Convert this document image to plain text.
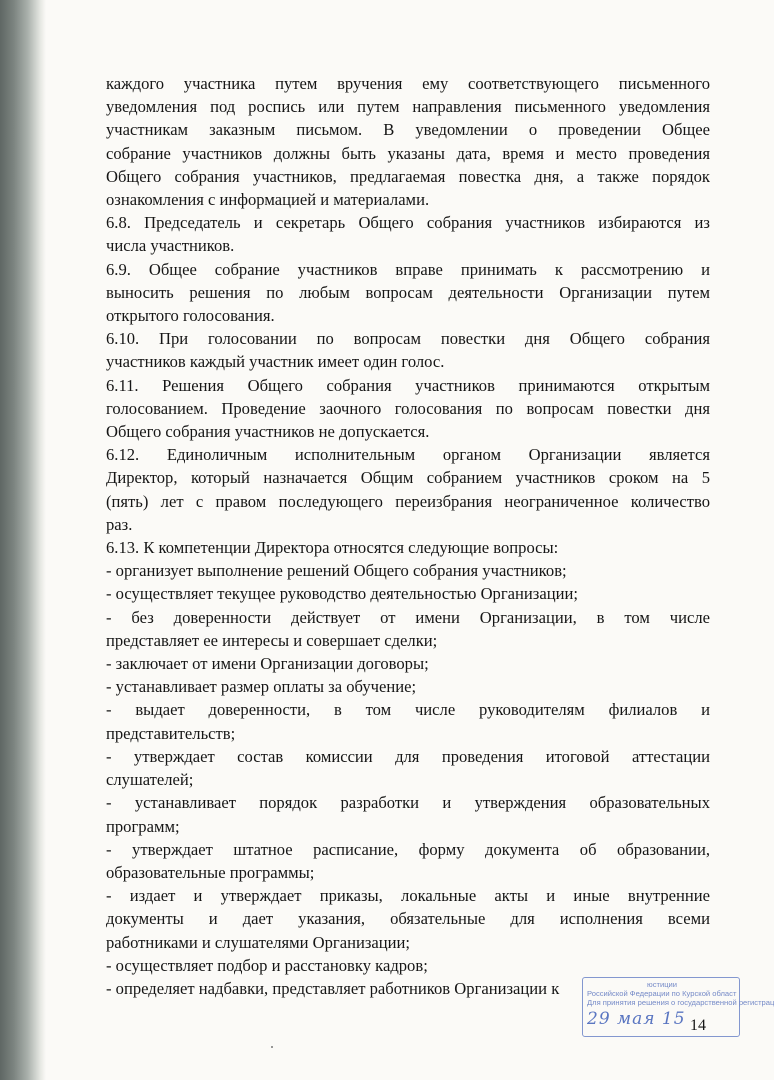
каждого участника путем вручения ему соответствующего письменного
уведомления под роспись или путем направления письменного уведомления
участникам заказным письмом. В уведомлении о проведении Общее
собрание участников должны быть указаны дата, время и место проведения
Общего собрания участников, предлагаемая повестка дня, а также порядок
ознакомления с информацией и материалами.
6.8. Председатель и секретарь Общего собрания участников избираются из
числа участников.
6.9. Общее собрание участников вправе принимать к рассмотрению и
выносить решения по любым вопросам деятельности Организации путем
открытого голосования.
6.10. При голосовании по вопросам повестки дня Общего собрания
участников каждый участник имеет один голос.
6.11. Решения Общего собрания участников принимаются открытым
голосованием. Проведение заочного голосования по вопросам повестки дня
Общего собрания участников не допускается.
6.12. Единоличным исполнительным органом Организации является
Директор, который назначается Общим собранием участников сроком на 5
(пять) лет с правом последующего переизбрания неограниченное количество
раз.
6.13. К компетенции Директора относятся следующие вопросы:
- организует выполнение решений Общего собрания участников;
- осуществляет текущее руководство деятельностью Организации;
- без доверенности действует от имени Организации, в том числе
представляет ее интересы и совершает сделки;
- заключает от имени Организации договоры;
- устанавливает размер оплаты за обучение;
- выдает доверенности, в том числе руководителям филиалов и
представительств;
- утверждает состав комиссии для проведения итоговой аттестации
слушателей;
- устанавливает порядок разработки и утверждения образовательных
программ;
- утверждает штатное расписание, форму документа об образовании,
образовательные программы;
- издает и утверждает приказы, локальные акты и иные внутренние
документы и дает указания, обязательные для исполнения всеми
работниками и слушателями Организации;
- осуществляет подбор и расстановку кадров;
- определяет надбавки, представляет работников Организации к
14
юстиции
Российской Федерации по Курской област
Для принятия решения о государственной регистрац
29 мая 15
